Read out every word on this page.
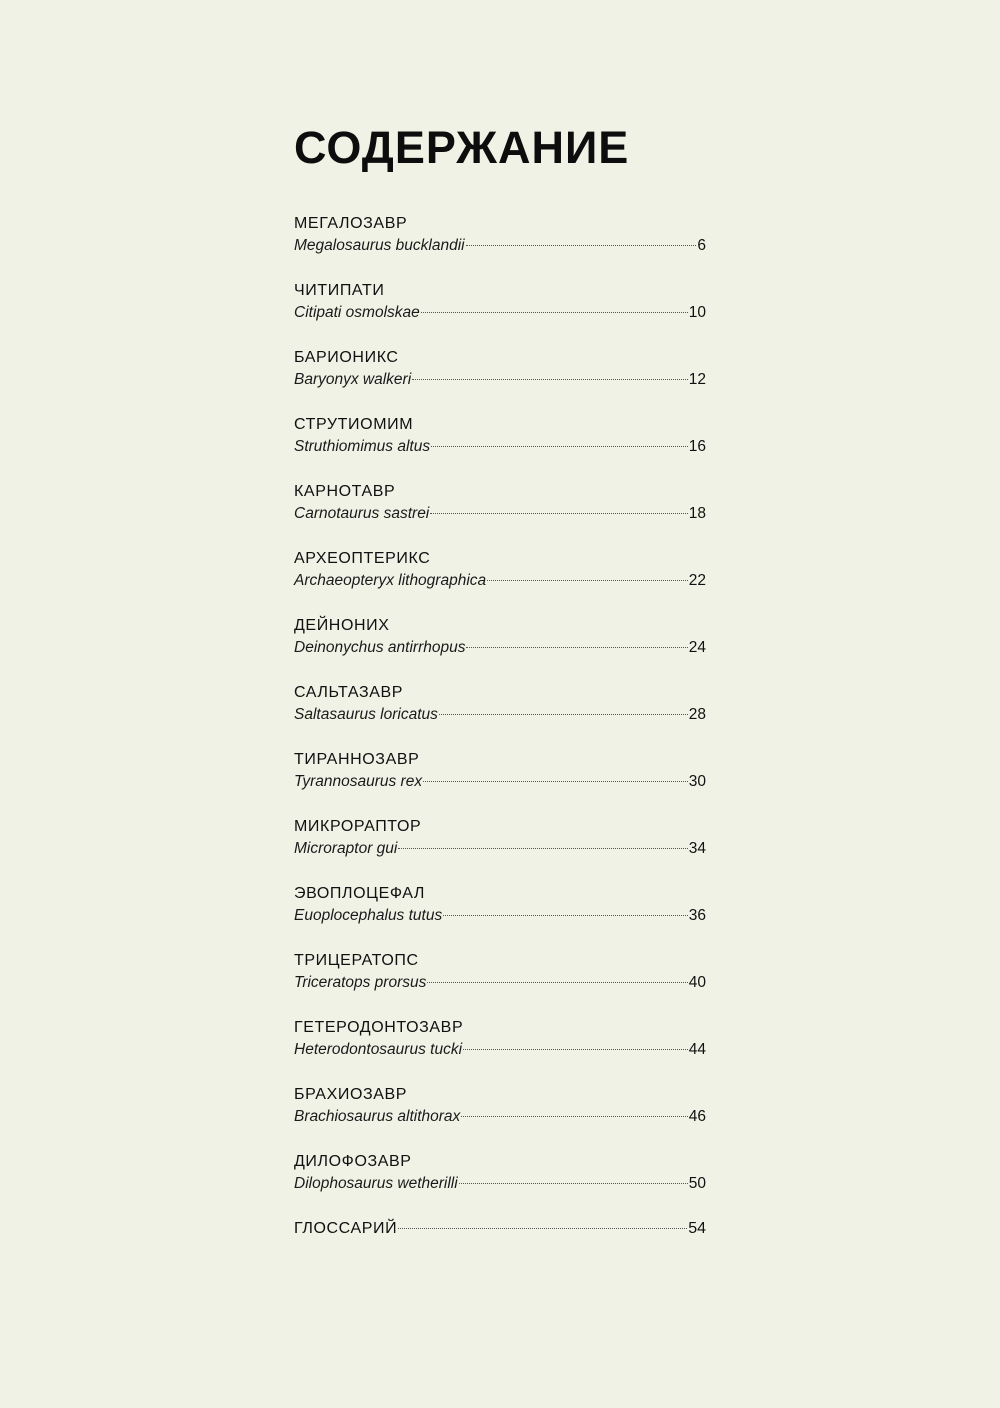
СОДЕРЖАНИЕ
МЕГАЛОЗАВР
Megalosaurus bucklandii	6
ЧИТИПАТИ
Citipati osmolskae	10
БАРИОНИКС
Baryonyx walkeri	12
СТРУТИОМИМ
Struthiomimus altus	16
КАРНОТАВР
Carnotaurus sastrei	18
АРХЕОПТЕРИКС
Archaeopteryx lithographica	22
ДЕЙНОНИХ
Deinonychus antirrhopus	24
САЛЬТАЗАВР
Saltasaurus loricatus	28
ТИРАННОЗАВР
Tyrannosaurus rex	30
МИКРОРАПТОР
Microraptor gui	34
ЭВОПЛОЦЕФАЛ
Euoplocephalus tutus	36
ТРИЦЕРАТОПС
Triceratops prorsus	40
ГЕТЕРОДОНТОЗАВР
Heterodontosaurus tucki	44
БРАХИОЗАВР
Brachiosaurus altithorax	46
ДИЛОФОЗАВР
Dilophosaurus wetherilli	50
ГЛОССАРИЙ	54
